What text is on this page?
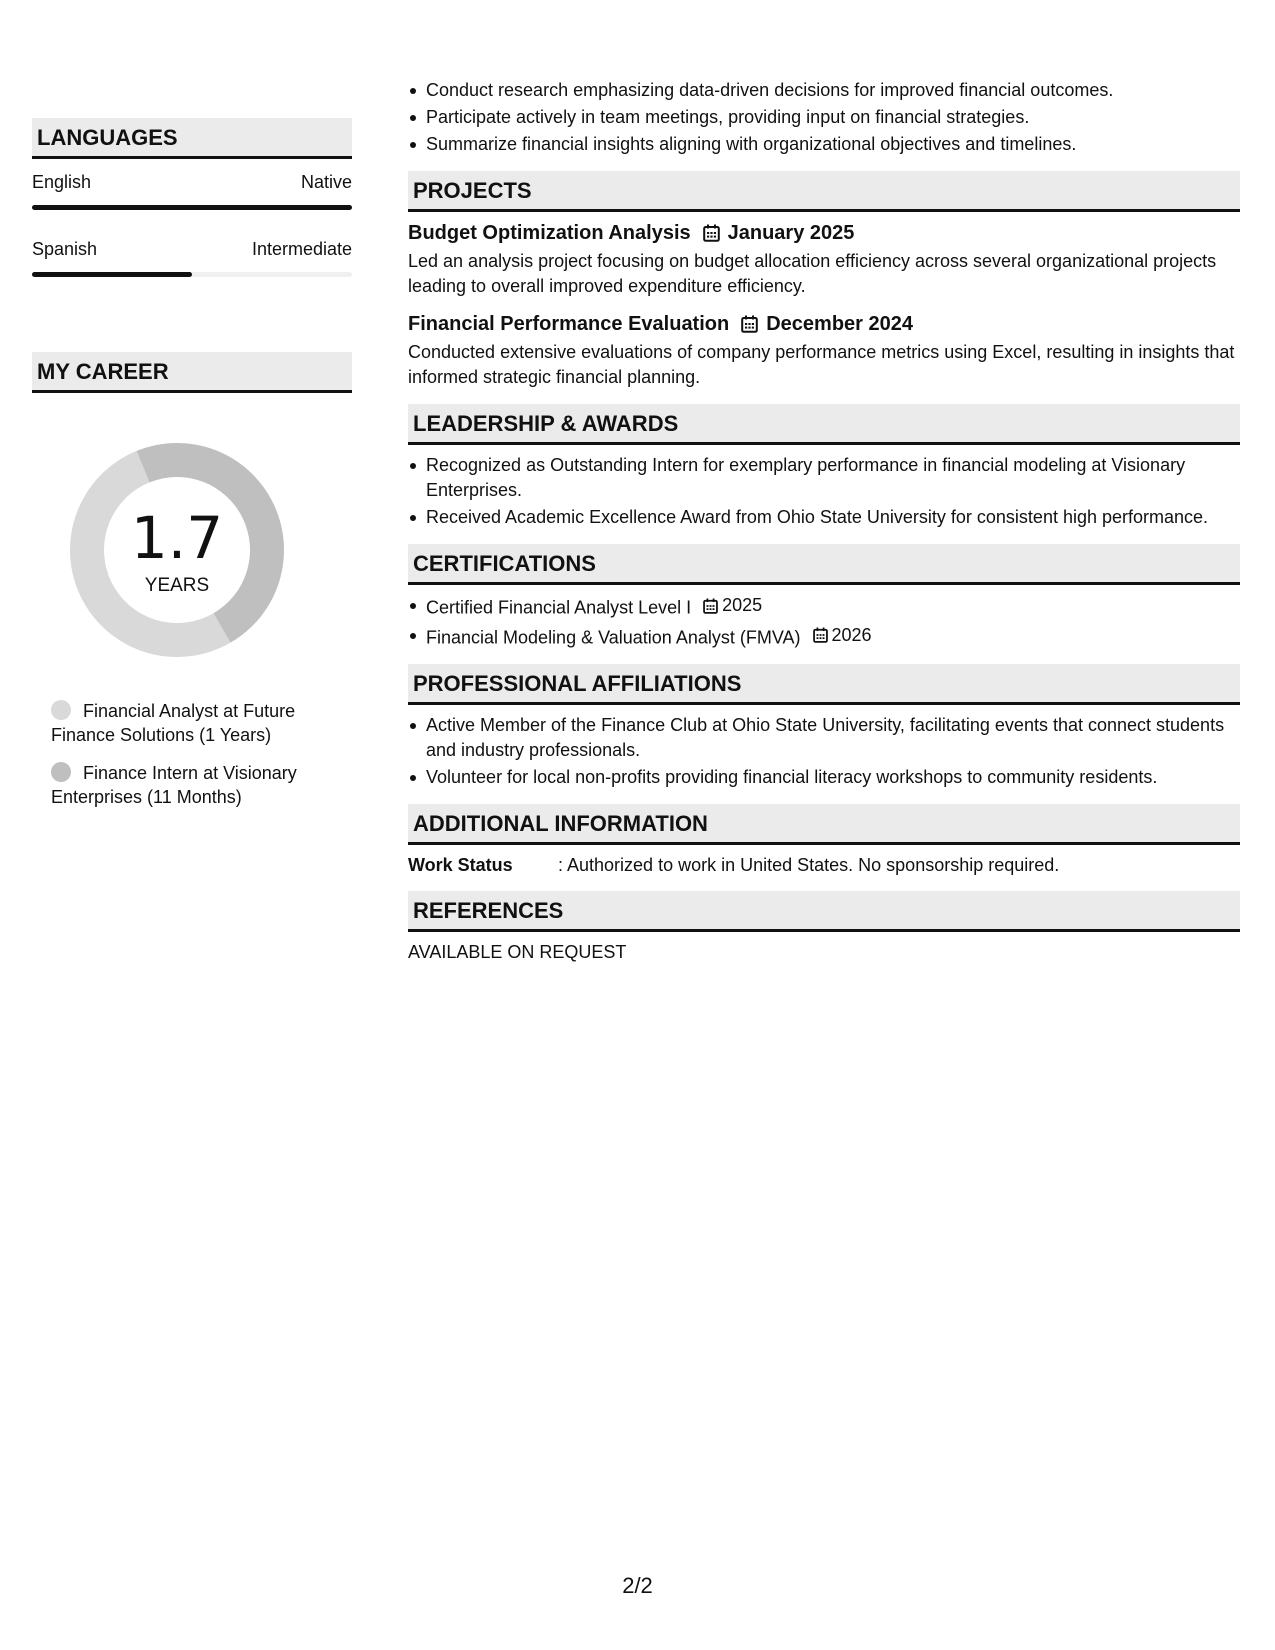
LANGUAGES
English	Native
Spanish	Intermediate
MY CAREER
1.7
YEARS
Financial Analyst at Future Finance Solutions (1 Years)
Finance Intern at Visionary Enterprises (11 Months)
Conduct research emphasizing data-driven decisions for improved financial outcomes.
Participate actively in team meetings, providing input on financial strategies.
Summarize financial insights aligning with organizational objectives and timelines.
PROJECTS
Budget Optimization Analysis January 2025
Led an analysis project focusing on budget allocation efficiency across several organizational projects leading to overall improved expenditure efficiency.
Financial Performance Evaluation December 2024
Conducted extensive evaluations of company performance metrics using Excel, resulting in insights that informed strategic financial planning.
LEADERSHIP & AWARDS
Recognized as Outstanding Intern for exemplary performance in financial modeling at Visionary Enterprises.
Received Academic Excellence Award from Ohio State University for consistent high performance.
CERTIFICATIONS
Certified Financial Analyst Level I 2025
Financial Modeling & Valuation Analyst (FMVA) 2026
PROFESSIONAL AFFILIATIONS
Active Member of the Finance Club at Ohio State University, facilitating events that connect students and industry professionals.
Volunteer for local non-profits providing financial literacy workshops to community residents.
ADDITIONAL INFORMATION
Work Status	: Authorized to work in United States. No sponsorship required.
REFERENCES
AVAILABLE ON REQUEST
2/2
